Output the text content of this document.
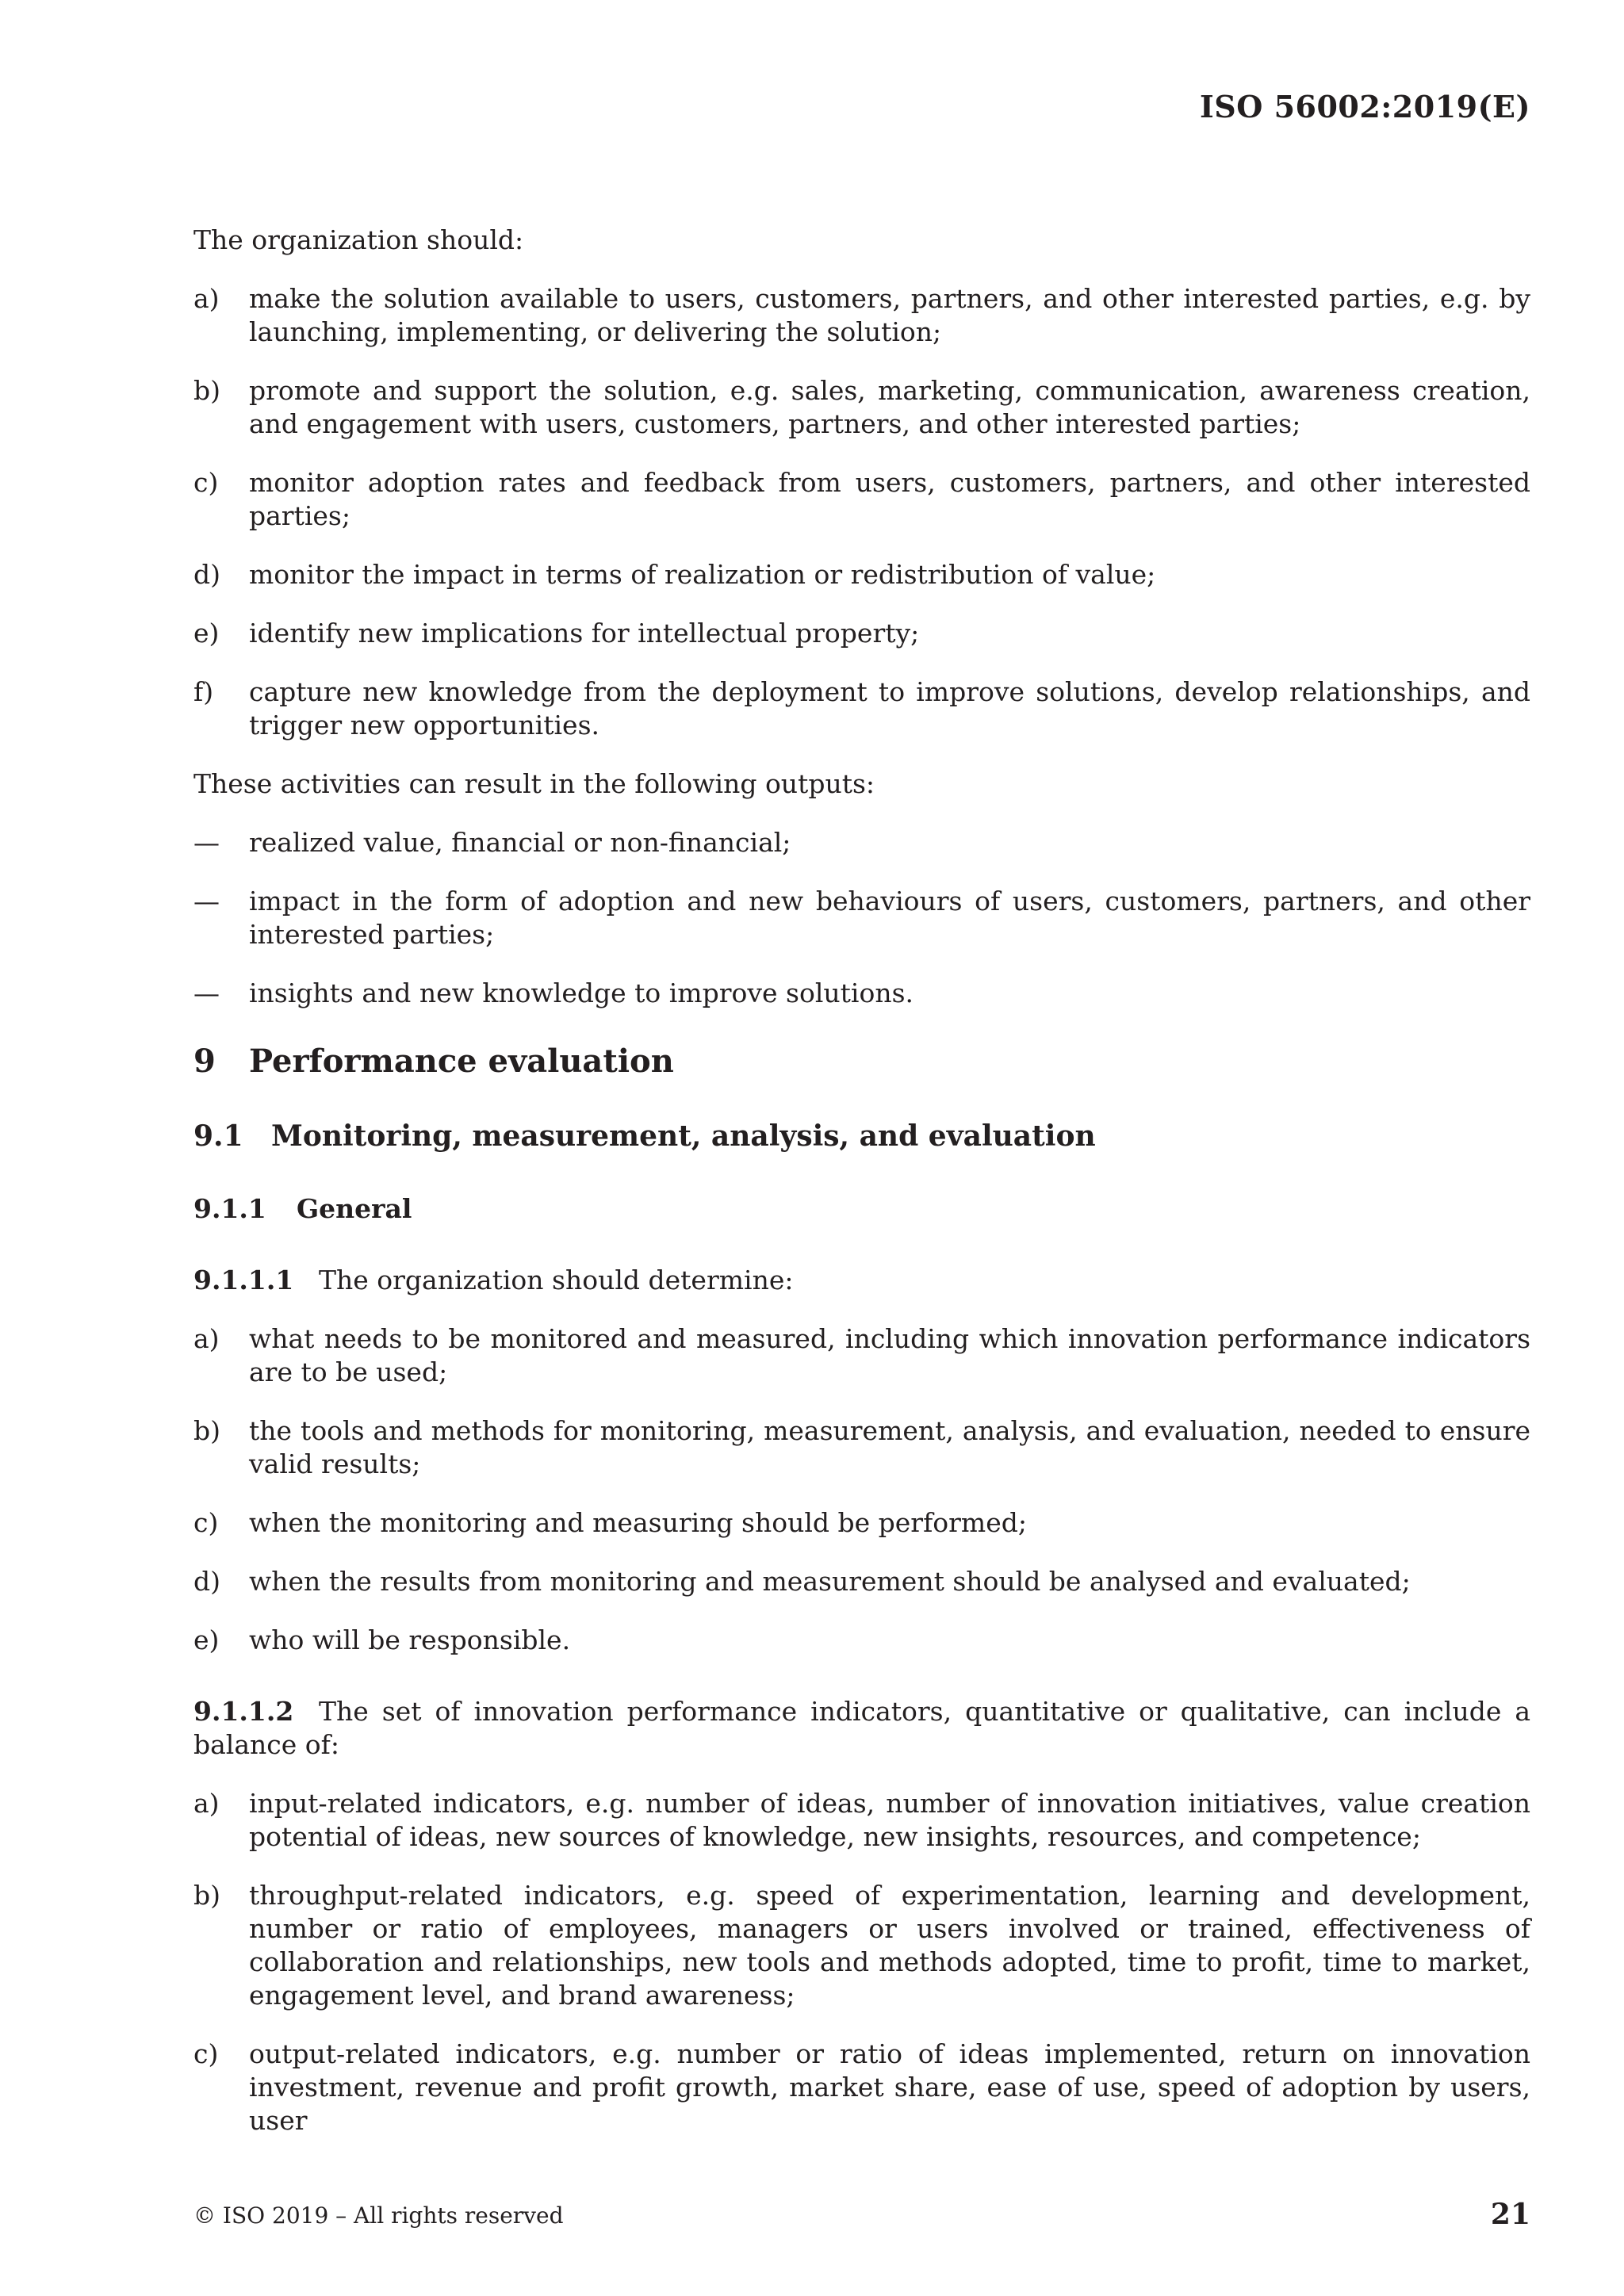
ISO 56002:2019(E)

The organization should:

a)	make the solution available to users, customers, partners, and other interested parties, e.g. by launching, implementing, or delivering the solution;
b)	promote and support the solution, e.g. sales, marketing, communication, awareness creation, and engagement with users, customers, partners, and other interested parties;
c)	monitor adoption rates and feedback from users, customers, partners, and other interested parties;
d)	monitor the impact in terms of realization or redistribution of value;
e)	identify new implications for intellectual property;
f)	capture new knowledge from the deployment to improve solutions, develop relationships, and trigger new opportunities.

These activities can result in the following outputs:

—	realized value, financial or non-financial;
—	impact in the form of adoption and new behaviours of users, customers, partners, and other interested parties;
—	insights and new knowledge to improve solutions.
9 Performance evaluation
9.1 Monitoring, measurement, analysis, and evaluation
9.1.1 General

9.1.1.1 The organization should determine:

a)	what needs to be monitored and measured, including which innovation performance indicators are to be used;
b)	the tools and methods for monitoring, measurement, analysis, and evaluation, needed to ensure valid results;
c)	when the monitoring and measuring should be performed;
d)	when the results from monitoring and measurement should be analysed and evaluated;
e)	who will be responsible.

9.1.1.2 The set of innovation performance indicators, quantitative or qualitative, can include a balance of:

a)	input-related indicators, e.g. number of ideas, number of innovation initiatives, value creation potential of ideas, new sources of knowledge, new insights, resources, and competence;
b)	throughput-related indicators, e.g. speed of experimentation, learning and development, number or ratio of employees, managers or users involved or trained, effectiveness of collaboration and relationships, new tools and methods adopted, time to profit, time to market, engagement level, and brand awareness;
c)	output-related indicators, e.g. number or ratio of ideas implemented, return on innovation investment, revenue and profit growth, market share, ease of use, speed of adoption by users, user
© ISO 2019 – All rights reserved	21
